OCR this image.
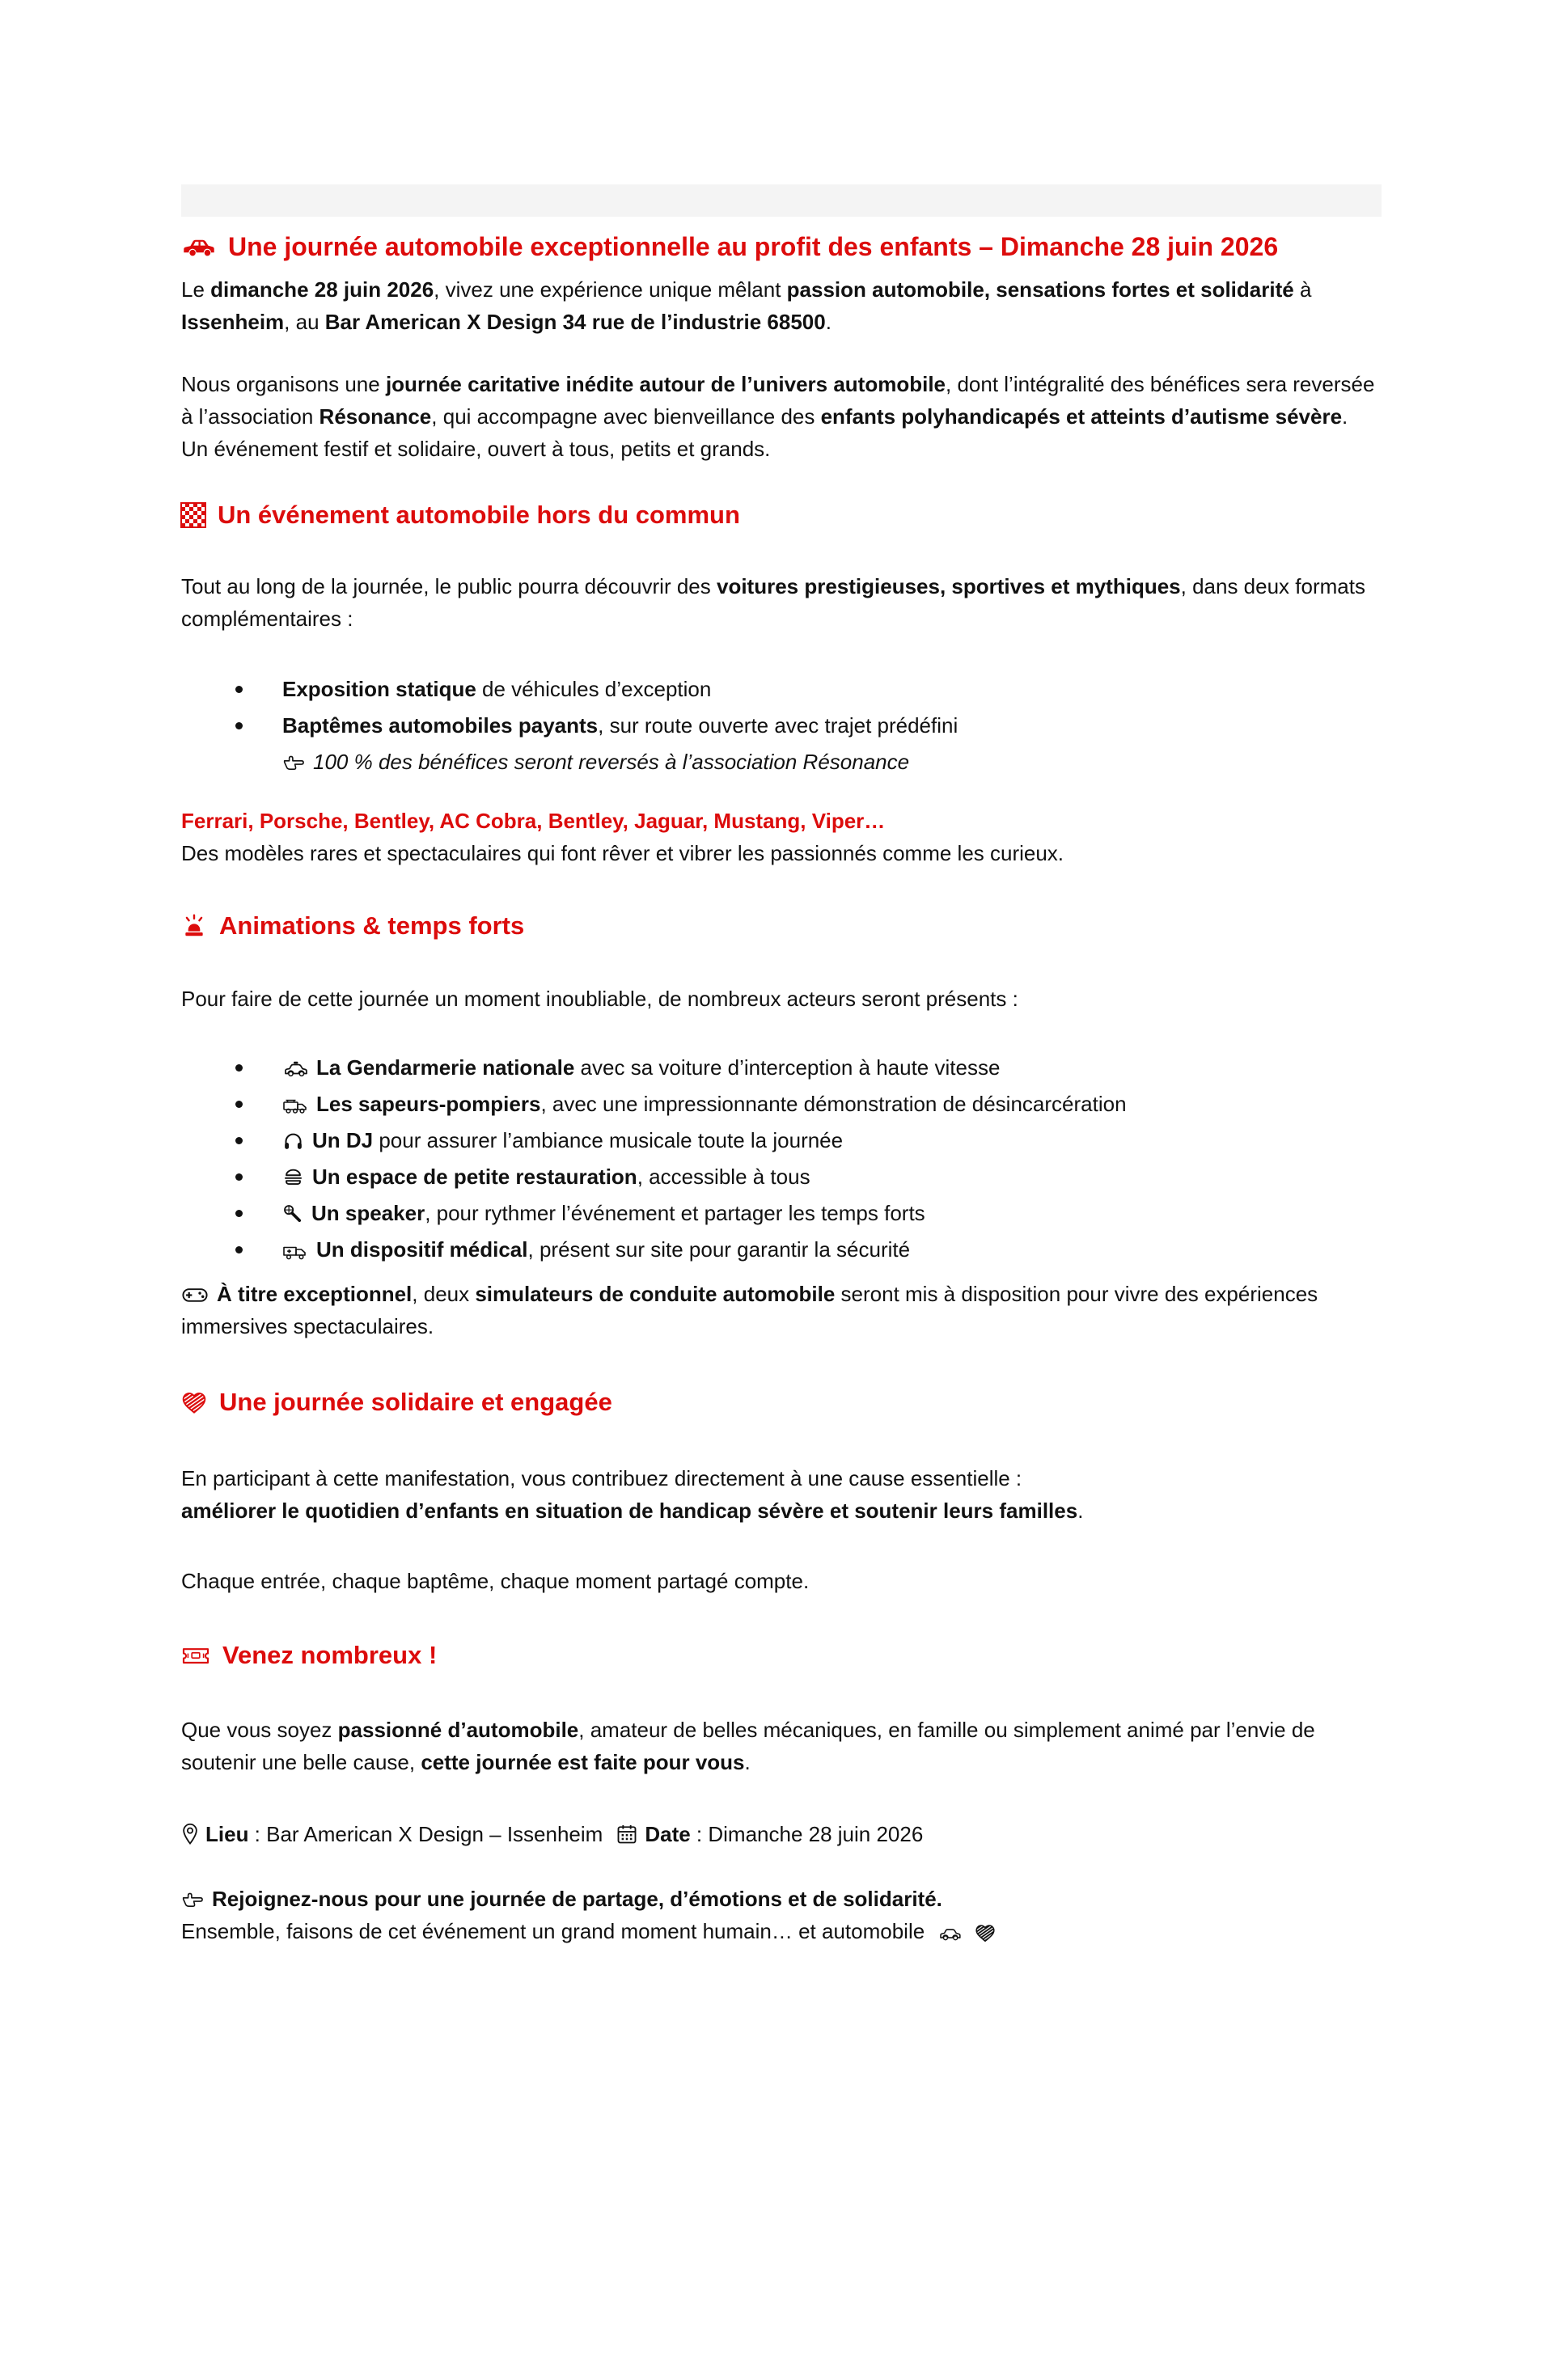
Une journée automobile exceptionnelle au profit des enfants – Dimanche 28 juin 2026

Le dimanche 28 juin 2026, vivez une expérience unique mêlant passion automobile, sensations fortes et solidarité à Issenheim, au Bar American X Design 34 rue de l’industrie 68500.

Nous organisons une journée caritative inédite autour de l’univers automobile, dont l’intégralité des bénéfices sera reversée à l’association Résonance, qui accompagne avec bienveillance des enfants polyhandicapés et atteints d’autisme sévère.
Un événement festif et solidaire, ouvert à tous, petits et grands.

Un événement automobile hors du commun

Tout au long de la journée, le public pourra découvrir des voitures prestigieuses, sportives et mythiques, dans deux formats complémentaires :

Exposition statique de véhicules d’exception
Baptêmes automobiles payants, sur route ouverte avec trajet prédéfini
100 % des bénéfices seront reversés à l’association Résonance

Ferrari, Porsche, Bentley, AC Cobra, Bentley, Jaguar, Mustang, Viper…
Des modèles rares et spectaculaires qui font rêver et vibrer les passionnés comme les curieux.

Animations & temps forts

Pour faire de cette journée un moment inoubliable, de nombreux acteurs seront présents :

La Gendarmerie nationale avec sa voiture d’interception à haute vitesse
Les sapeurs-pompiers, avec une impressionnante démonstration de désincarcération
Un DJ pour assurer l’ambiance musicale toute la journée
Un espace de petite restauration, accessible à tous
Un speaker, pour rythmer l’événement et partager les temps forts
Un dispositif médical, présent sur site pour garantir la sécurité

À titre exceptionnel, deux simulateurs de conduite automobile seront mis à disposition pour vivre des expériences immersives spectaculaires.

Une journée solidaire et engagée

En participant à cette manifestation, vous contribuez directement à une cause essentielle :
améliorer le quotidien d’enfants en situation de handicap sévère et soutenir leurs familles.

Chaque entrée, chaque baptême, chaque moment partagé compte.

Venez nombreux !

Que vous soyez passionné d’automobile, amateur de belles mécaniques, en famille ou simplement animé par l’envie de soutenir une belle cause, cette journée est faite pour vous.

Lieu : Bar American X Design – Issenheim Date : Dimanche 28 juin 2026

Rejoignez-nous pour une journée de partage, d’émotions et de solidarité.
Ensemble, faisons de cet événement un grand moment humain… et automobile
